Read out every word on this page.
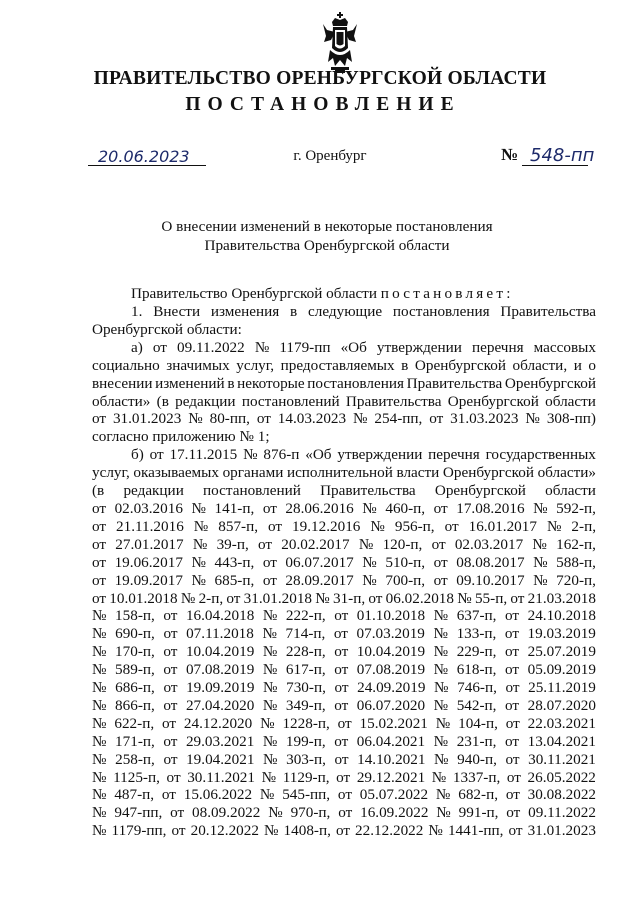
ПРАВИТЕЛЬСТВО ОРЕНБУРГСКОЙ ОБЛАСТИ
ПОСТАНОВЛЕНИЕ
20.06.2023	г. Оренбург	№ 548-пп
О внесении изменений в некоторые постановления
Правительства Оренбургской области
Правительство Оренбургской области постановляет:
1. Внести изменения в следующие постановления Правительства
Оренбургской области:
а) от 09.11.2022 № 1179-пп «Об утверждении перечня массовых
социально значимых услуг, предоставляемых в Оренбургской области, и о
внесении изменений в некоторые постановления Правительства Оренбургской
области» (в редакции постановлений Правительства Оренбургской области
от 31.01.2023 № 80-пп, от 14.03.2023 № 254-пп, от 31.03.2023 № 308-пп)
согласно приложению № 1;
б) от 17.11.2015 № 876-п «Об утверждении перечня государственных
услуг, оказываемых органами исполнительной власти Оренбургской области»
(в редакции постановлений Правительства Оренбургской области
от 02.03.2016 № 141-п, от 28.06.2016 № 460-п, от 17.08.2016 № 592-п,
от 21.11.2016 № 857-п, от 19.12.2016 № 956-п, от 16.01.2017 № 2-п,
от 27.01.2017 № 39-п, от 20.02.2017 № 120-п, от 02.03.2017 № 162-п,
от 19.06.2017 № 443-п, от 06.07.2017 № 510-п, от 08.08.2017 № 588-п,
от 19.09.2017 № 685-п, от 28.09.2017 № 700-п, от 09.10.2017 № 720-п,
от 10.01.2018 № 2-п, от 31.01.2018 № 31-п, от 06.02.2018 № 55-п, от 21.03.2018
№ 158-п, от 16.04.2018 № 222-п, от 01.10.2018 № 637-п, от 24.10.2018
№ 690-п, от 07.11.2018 № 714-п, от 07.03.2019 № 133-п, от 19.03.2019
№ 170-п, от 10.04.2019 № 228-п, от 10.04.2019 № 229-п, от 25.07.2019
№ 589-п, от 07.08.2019 № 617-п, от 07.08.2019 № 618-п, от 05.09.2019
№ 686-п, от 19.09.2019 № 730-п, от 24.09.2019 № 746-п, от 25.11.2019
№ 866-п, от 27.04.2020 № 349-п, от 06.07.2020 № 542-п, от 28.07.2020
№ 622-п, от 24.12.2020 № 1228-п, от 15.02.2021 № 104-п, от 22.03.2021
№ 171-п, от 29.03.2021 № 199-п, от 06.04.2021 № 231-п, от 13.04.2021
№ 258-п, от 19.04.2021 № 303-п, от 14.10.2021 № 940-п, от 30.11.2021
№ 1125-п, от 30.11.2021 № 1129-п, от 29.12.2021 № 1337-п, от 26.05.2022
№ 487-п, от 15.06.2022 № 545-пп, от 05.07.2022 № 682-п, от 30.08.2022
№ 947-пп, от 08.09.2022 № 970-п, от 16.09.2022 № 991-п, от 09.11.2022
№ 1179-пп, от 20.12.2022 № 1408-п, от 22.12.2022 № 1441-пп, от 31.01.2023
